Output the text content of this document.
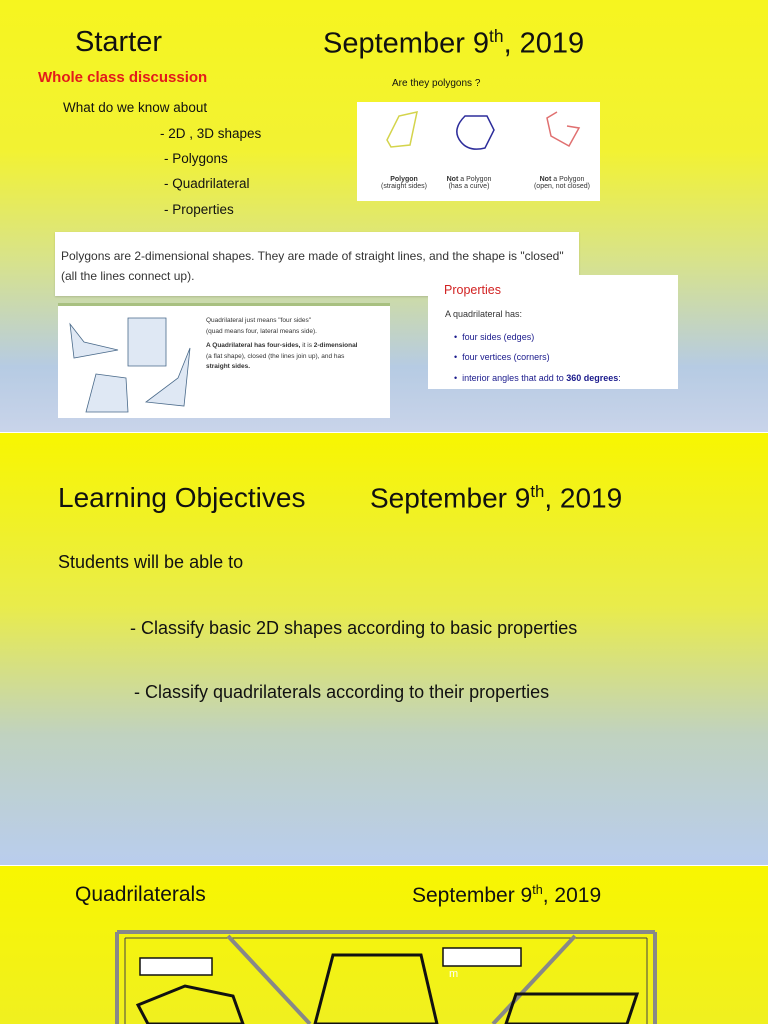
Starter	September 9th, 2019
Whole class discussion
What do we know about
- 2D , 3D shapes
- Polygons
- Quadrilateral
- Properties
Are they polygons ?
Polygon
(straight sides)
Not a Polygon
(has a curve)
Not a Polygon
(open, not closed)
Polygons are 2-dimensional shapes. They are made of straight lines, and the shape is "closed" (all the lines connect up).
Quadrilateral just means "four sides"
(quad means four, lateral means side).
A Quadrilateral has four-sides, it is 2-dimensional
(a flat shape), closed (the lines join up), and has
straight sides.
Properties
A quadrilateral has:
•  four sides (edges)
•  four vertices (corners)
•  interior angles that add to 360 degrees:
Learning Objectives September 9th, 2019
Students will be able to
- Classify basic 2D shapes according to basic properties
- Classify quadrilaterals according to their properties
Quadrilaterals	September 9th, 2019
m
